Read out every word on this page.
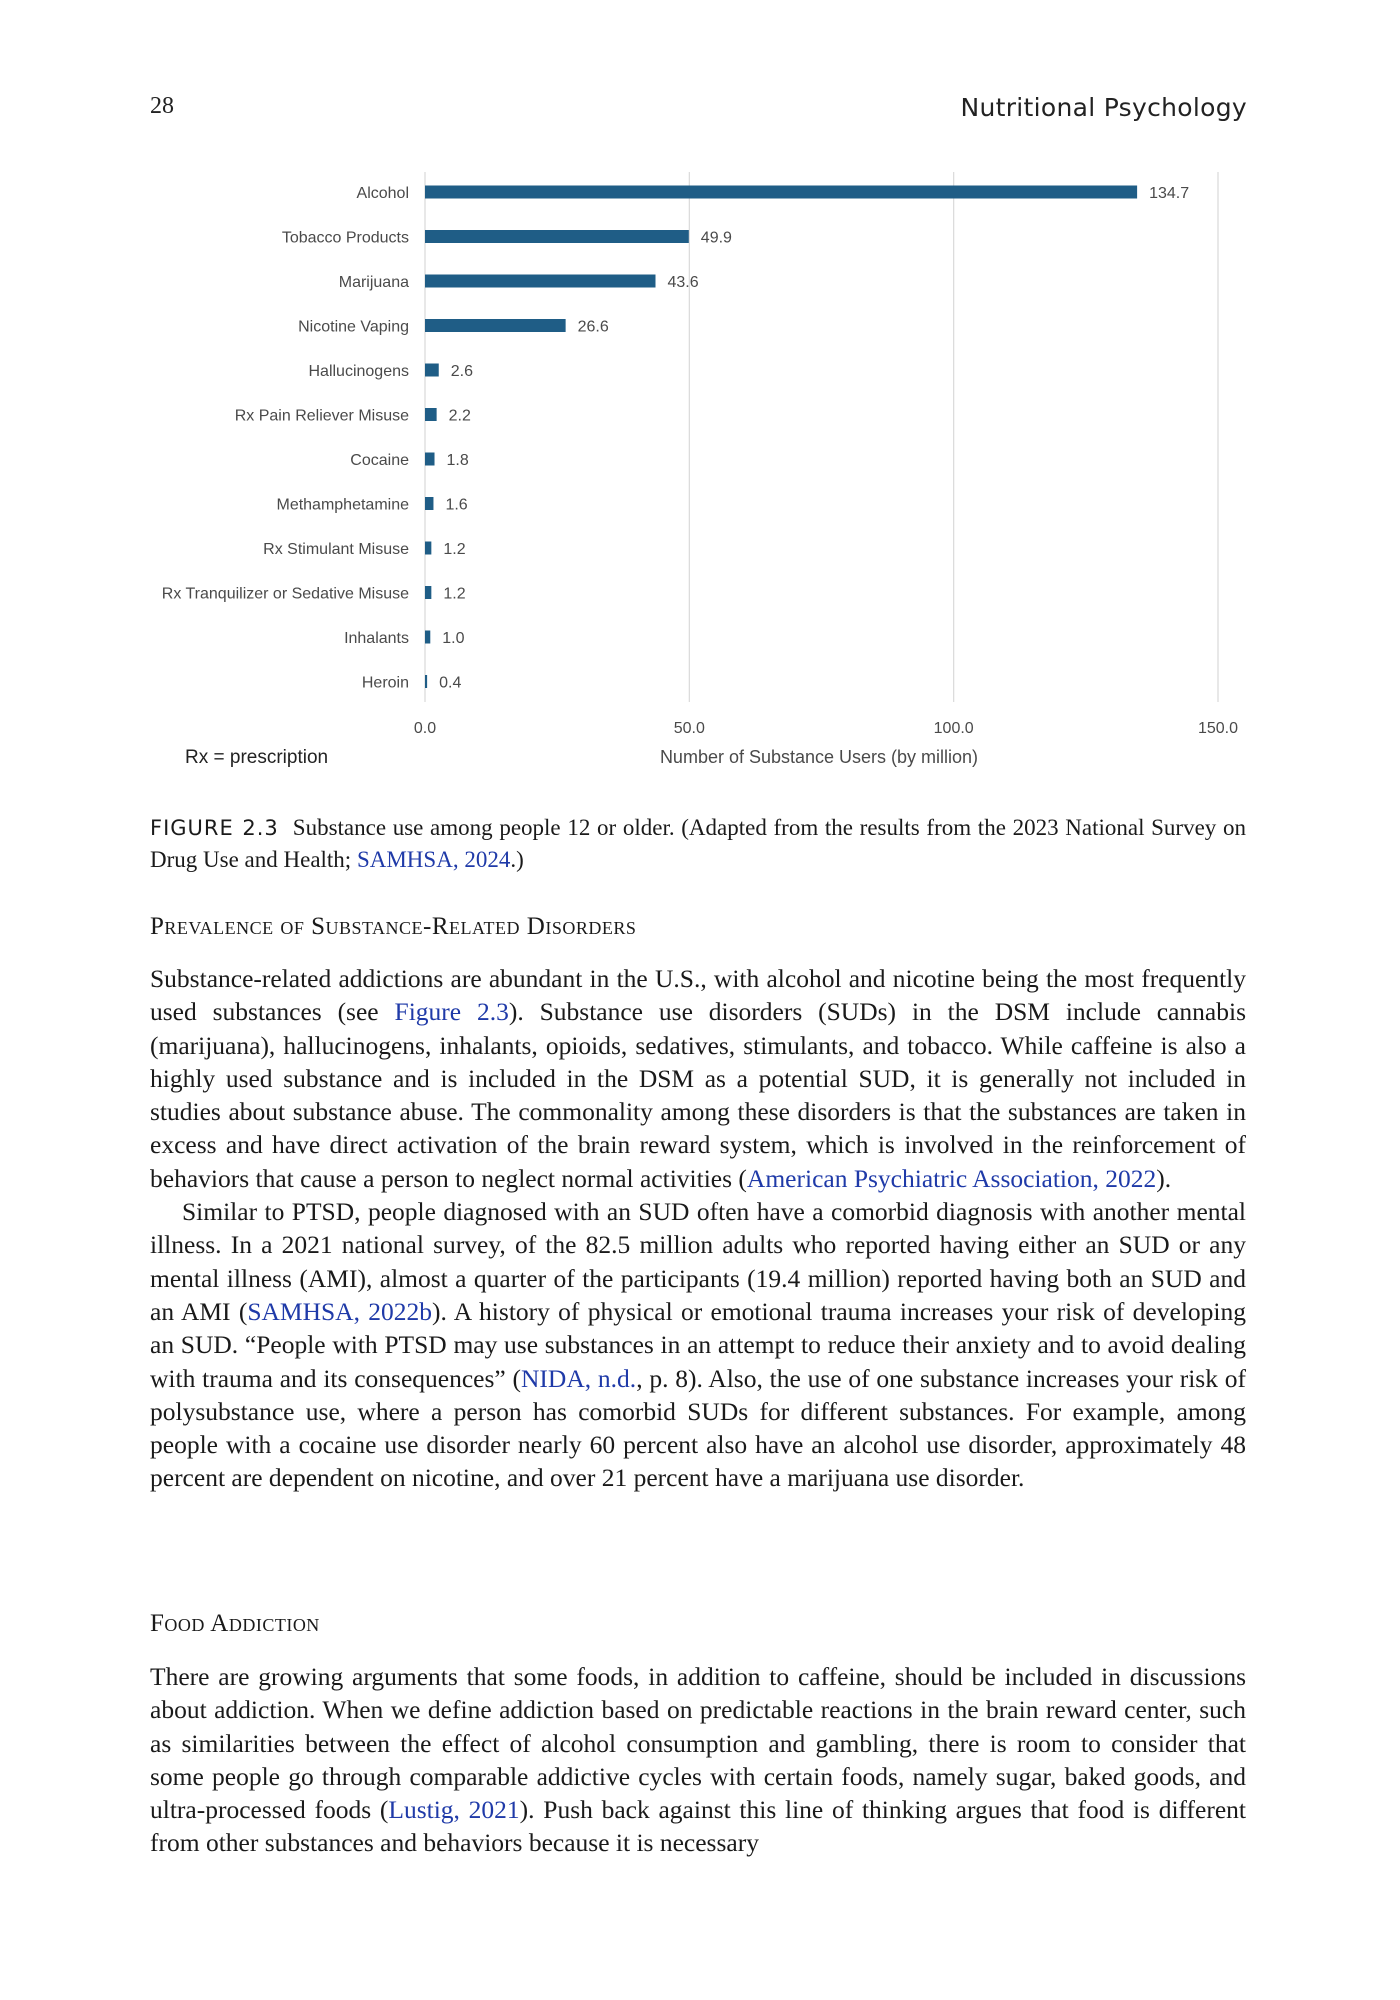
28	Nutritional Psychology
0.0	50.0	100.0	150.0
Alcohol	134.7
Tobacco Products	49.9
Marijuana	43.6
Nicotine Vaping	26.6
Hallucinogens	2.6
Rx Pain Reliever Misuse 2.2
Cocaine 1.8
Methamphetamine 1.6
Rx Stimulant Misuse 1.2
Rx Tranquilizer or Sedative Misuse 1.2
Inhalants 1.0
Heroin 0.4
Number of Substance Users (by million)
Rx = prescription
FIGURE 2.3 Substance use among people 12 or older. (Adapted from the results from the 2023 National Survey on Drug Use and Health; SAMHSA, 2024.)
Prevalence of Substance-Related Disorders

Substance-related addictions are abundant in the U.S., with alcohol and nicotine being the most frequently used substances (see Figure 2.3). Substance use disorders (SUDs) in the DSM include cannabis (marijuana), hallucinogens, inhalants, opioids, sedatives, stimulants, and tobacco. While caffeine is also a highly used substance and is included in the DSM as a potential SUD, it is generally not included in studies about substance abuse. The commonality among these disorders is that the substances are taken in excess and have direct activation of the brain reward system, which is involved in the reinforcement of behaviors that cause a person to neglect normal activities (American Psychiatric Association, 2022).

Similar to PTSD, people diagnosed with an SUD often have a comorbid diagnosis with another mental illness. In a 2021 national survey, of the 82.5 million adults who reported having either an SUD or any mental illness (AMI), almost a quarter of the participants (19.4 million) reported having both an SUD and an AMI (SAMHSA, 2022b). A history of physical or emotional trauma increases your risk of developing an SUD. “People with PTSD may use substances in an attempt to reduce their anxiety and to avoid dealing with trauma and its consequences” (NIDA, n.d., p. 8). Also, the use of one substance increases your risk of polysubstance use, where a person has comorbid SUDs for different substances. For example, among people with a cocaine use disorder nearly 60 percent also have an alcohol use disorder, approximately 48 percent are dependent on nicotine, and over 21 percent have a marijuana use disorder.

Food Addiction

There are growing arguments that some foods, in addition to caffeine, should be included in discussions about addiction. When we define addiction based on predictable reactions in the brain reward center, such as similarities between the effect of alcohol consumption and gambling, there is room to consider that some people go through comparable addictive cycles with certain foods, namely sugar, baked goods, and ultra-processed foods (Lustig, 2021). Push back against this line of thinking argues that food is different from other substances and behaviors because it is necessary
